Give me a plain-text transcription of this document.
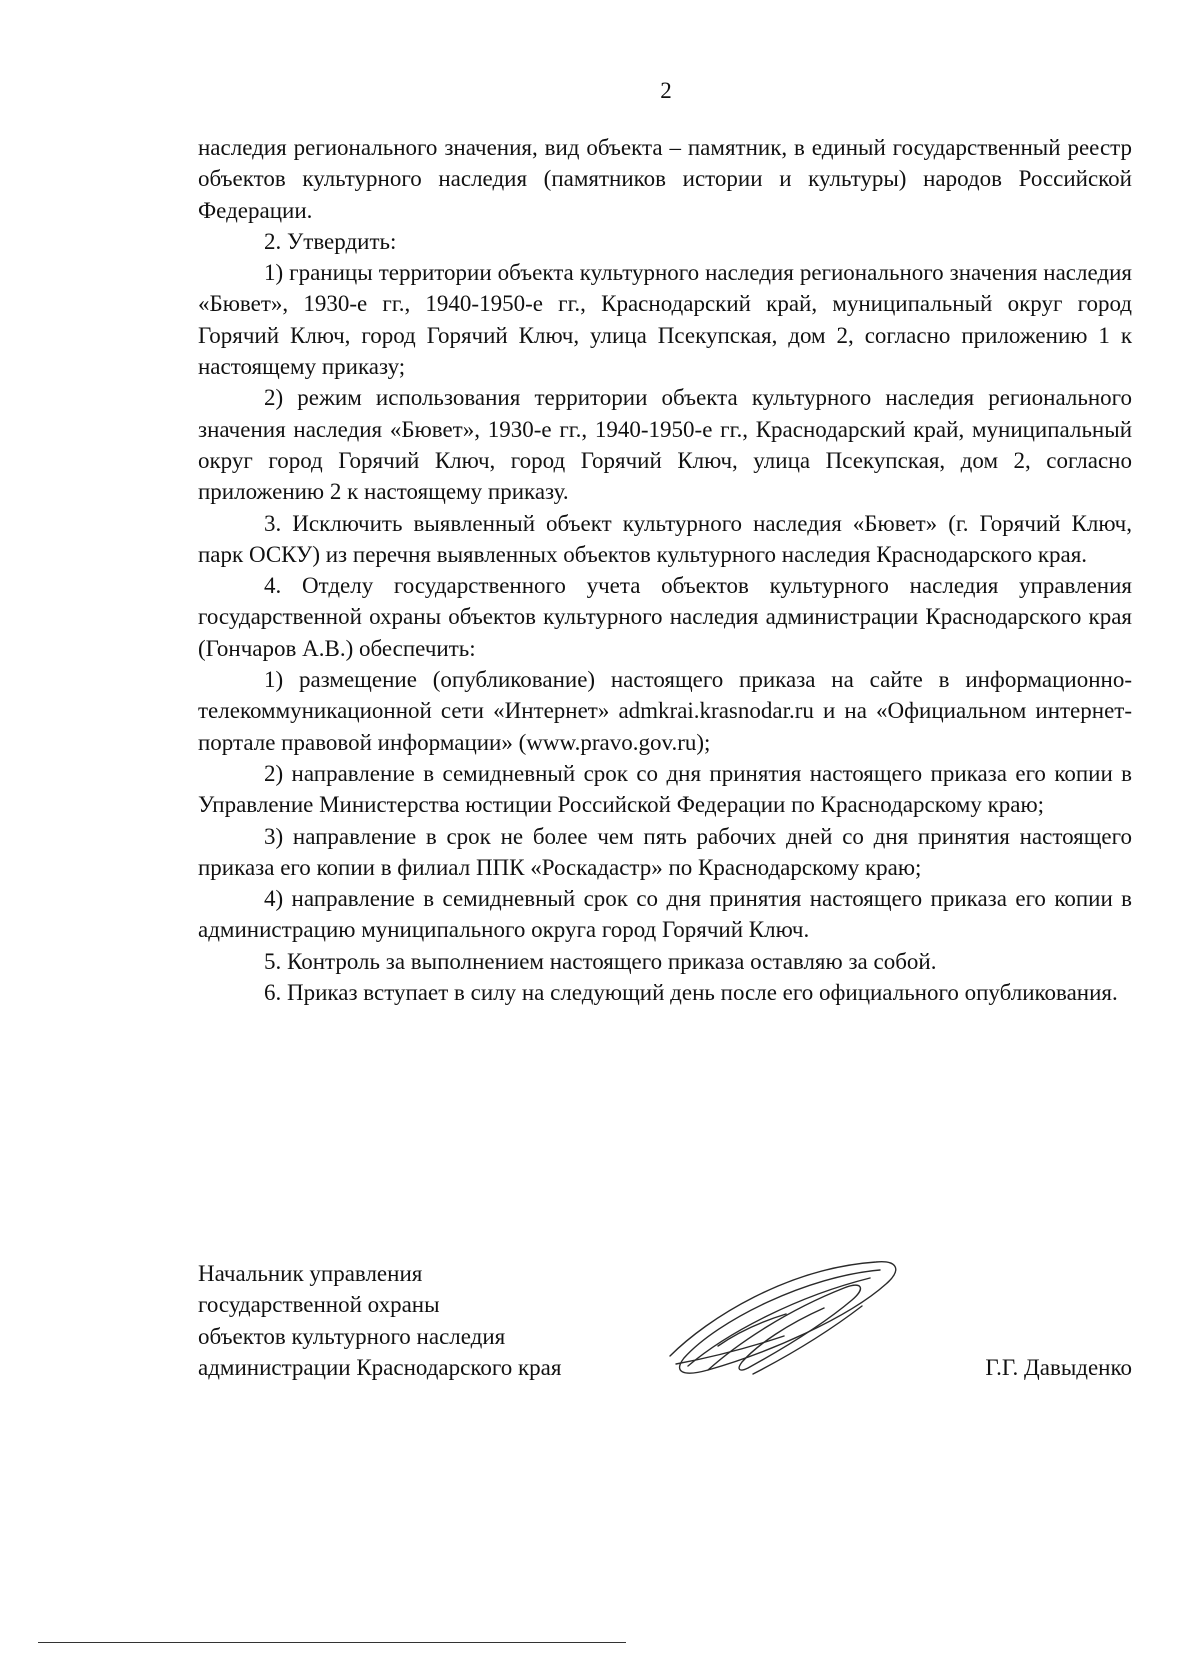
2

наследия регионального значения, вид объекта – памятник, в единый государственный реестр объектов культурного наследия (памятников истории и культуры) народов Российской Федерации.

2. Утвердить:

1) границы территории объекта культурного наследия регионального значения наследия «Бювет», 1930-е гг., 1940-1950-е гг., Краснодарский край, муниципальный округ город Горячий Ключ, город Горячий Ключ, улица Псекупская, дом 2, согласно приложению 1 к настоящему приказу;

2) режим использования территории объекта культурного наследия регионального значения наследия «Бювет», 1930-е гг., 1940-1950-е гг., Краснодарский край, муниципальный округ город Горячий Ключ, город Горячий Ключ, улица Псекупская, дом 2, согласно приложению 2 к настоящему приказу.

3. Исключить выявленный объект культурного наследия «Бювет» (г. Горячий Ключ, парк ОСКУ) из перечня выявленных объектов культурного наследия Краснодарского края.

4. Отделу государственного учета объектов культурного наследия управления государственной охраны объектов культурного наследия администрации Краснодарского края (Гончаров А.В.) обеспечить:

1) размещение (опубликование) настоящего приказа на сайте в информационно-телекоммуникационной сети «Интернет» admkrai.krasnodar.ru и на «Официальном интернет-портале правовой информации» (www.pravo.gov.ru);

2) направление в семидневный срок со дня принятия настоящего приказа его копии в Управление Министерства юстиции Российской Федерации по Краснодарскому краю;

3) направление в срок не более чем пять рабочих дней со дня принятия настоящего приказа его копии в филиал ППК «Роскадастр» по Краснодарскому краю;

4) направление в семидневный срок со дня принятия настоящего приказа его копии в администрацию муниципального округа город Горячий Ключ.

5. Контроль за выполнением настоящего приказа оставляю за собой.

6. Приказ вступает в силу на следующий день после его официального опубликования.

Начальник управления
государственной охраны
объектов культурного наследия
администрации Краснодарского края	Г.Г. Давыденко
